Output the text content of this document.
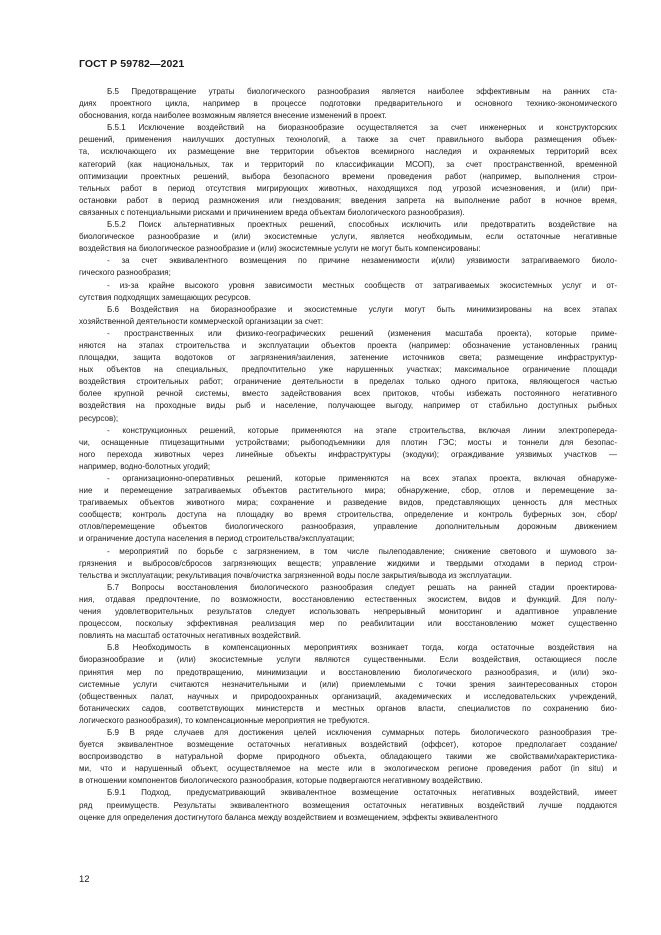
ГОСТ Р 59782—2021
Б.5 Предотвращение утраты биологического разнообразия является наиболее эффективным на ранних ста-
диях проектного цикла, например в процессе подготовки предварительного и основного технико-экономического
обоснования, когда наиболее возможным является внесение изменений в проект.
Б.5.1 Исключение воздействий на биоразнообразие осуществляется за счет инженерных и конструкторских
решений, применения наилучших доступных технологий, а также за счет правильного выбора размещения объек-
та, исключающего их размещение вне территории объектов всемирного наследия и охраняемых территорий всех
категорий (как национальных, так и территорий по классификации МСОП), за счет пространственной, временной
оптимизации проектных решений, выбора безопасного времени проведения работ (например, выполнения строи-
тельных работ в период отсутствия мигрирующих животных, находящихся под угрозой исчезновения, и (или) при-
остановки работ в период размножения или гнездования; введения запрета на выполнение работ в ночное время,
связанных с потенциальными рисками и причинением вреда объектам биологического разнообразия).
Б.5.2 Поиск альтернативных проектных решений, способных исключить или предотвратить воздействие на
биологическое разнообразие и (или) экосистемные услуги, является необходимым, если остаточные негативные
воздействия на биологическое разнообразие и (или) экосистемные услуги не могут быть компенсированы:
- за счет эквивалентного возмещения по причине незаменимости и(или) уязвимости затрагиваемого биоло-
гического разнообразия;
- из-за крайне высокого уровня зависимости местных сообществ от затрагиваемых экосистемных услуг и от-
сутствия подходящих замещающих ресурсов.
Б.6 Воздействия на биоразнообразие и экосистемные услуги могут быть минимизированы на всех этапах
хозяйственной деятельности коммерческой организации за счет:
- пространственных или физико-географических решений (изменения масштаба проекта), которые приме-
няются на этапах строительства и эксплуатации объектов проекта (например: обозначение установленных границ
площадки, защита водотоков от загрязнения/заиления, затенение источников света; размещение инфраструктур-
ных объектов на специальных, предпочтительно уже нарушенных участках; максимальное ограничение площади
воздействия строительных работ; ограничение деятельности в пределах только одного притока, являющегося частью
более крупной речной системы, вместо задействования всех притоков, чтобы избежать постоянного негативного
воздействия на проходные виды рыб и население, получающее выгоду, например от стабильно доступных рыбных
ресурсов);
- конструкционных решений, которые применяются на этапе строительства, включая линии электропереда-
чи, оснащенные птицезащитными устройствами; рыбоподъемники для плотин ГЭС; мосты и тоннели для безопас-
ного перехода животных через линейные объекты инфраструктуры (экодуки); ограждивание уязвимых участков —
например, водно-болотных угодий;
- организационно-оперативных решений, которые применяются на всех этапах проекта, включая обнаруже-
ние и перемещение затрагиваемых объектов растительного мира; обнаружение, сбор, отлов и перемещение за-
трагиваемых объектов животного мира; сохранение и разведение видов, представляющих ценность для местных
сообществ; контроль доступа на площадку во время строительства, определение и контроль буферных зон, сбор/
отлов/перемещение объектов биологического разнообразия, управление дополнительным дорожным движением
и ограничение доступа населения в период строительства/эксплуатации;
- мероприятий по борьбе с загрязнением, в том числе пылеподавление; снижение светового и шумового за-
грязнения и выбросов/сбросов загрязняющих веществ; управление жидкими и твердыми отходами в период строи-
тельства и эксплуатации; рекультивация почв/очистка загрязненной воды после закрытия/вывода из эксплуатации.
Б.7 Вопросы восстановления биологического разнообразия следует решать на ранней стадии проектирова-
ния, отдавая предпочтение, по возможности, восстановлению естественных экосистем, видов и функций. Для полу-
чения удовлетворительных результатов следует использовать непрерывный мониторинг и адаптивное управление
процессом, поскольку эффективная реализация мер по реабилитации или восстановлению может существенно
повлиять на масштаб остаточных негативных воздействий.
Б.8 Необходимость в компенсационных мероприятиях возникает тогда, когда остаточные воздействия на
биоразнообразие и (или) экосистемные услуги являются существенными. Если воздействия, остающиеся после
принятия мер по предотвращению, минимизации и восстановлению биологического разнообразия, и (или) эко-
системные услуги считаются незначительными и (или) приемлемыми с точки зрения заинтересованных сторон
(общественных палат, научных и природоохранных организаций, академических и исследовательских учреждений,
ботанических садов, соответствующих министерств и местных органов власти, специалистов по сохранению био-
логического разнообразия), то компенсационные мероприятия не требуются.
Б.9 В ряде случаев для достижения целей исключения суммарных потерь биологического разнообразия тре-
буется эквивалентное возмещение остаточных негативных воздействий (оффсет), которое предполагает создание/
воспроизводство в натуральной форме природного объекта, обладающего такими же свойствами/характеристика-
ми, что и нарушенный объект, осуществляемое на месте или в экологическом регионе проведения работ (in situ) и
в отношении компонентов биологического разнообразия, которые подвергаются негативному воздействию.
Б.9.1 Подход, предусматривающий эквивалентное возмещение остаточных негативных воздействий, имеет
ряд преимуществ. Результаты эквивалентного возмещения остаточных негативных воздействий лучше поддаются
оценке для определения достигнутого баланса между воздействием и возмещением, эффекты эквивалентного
12
